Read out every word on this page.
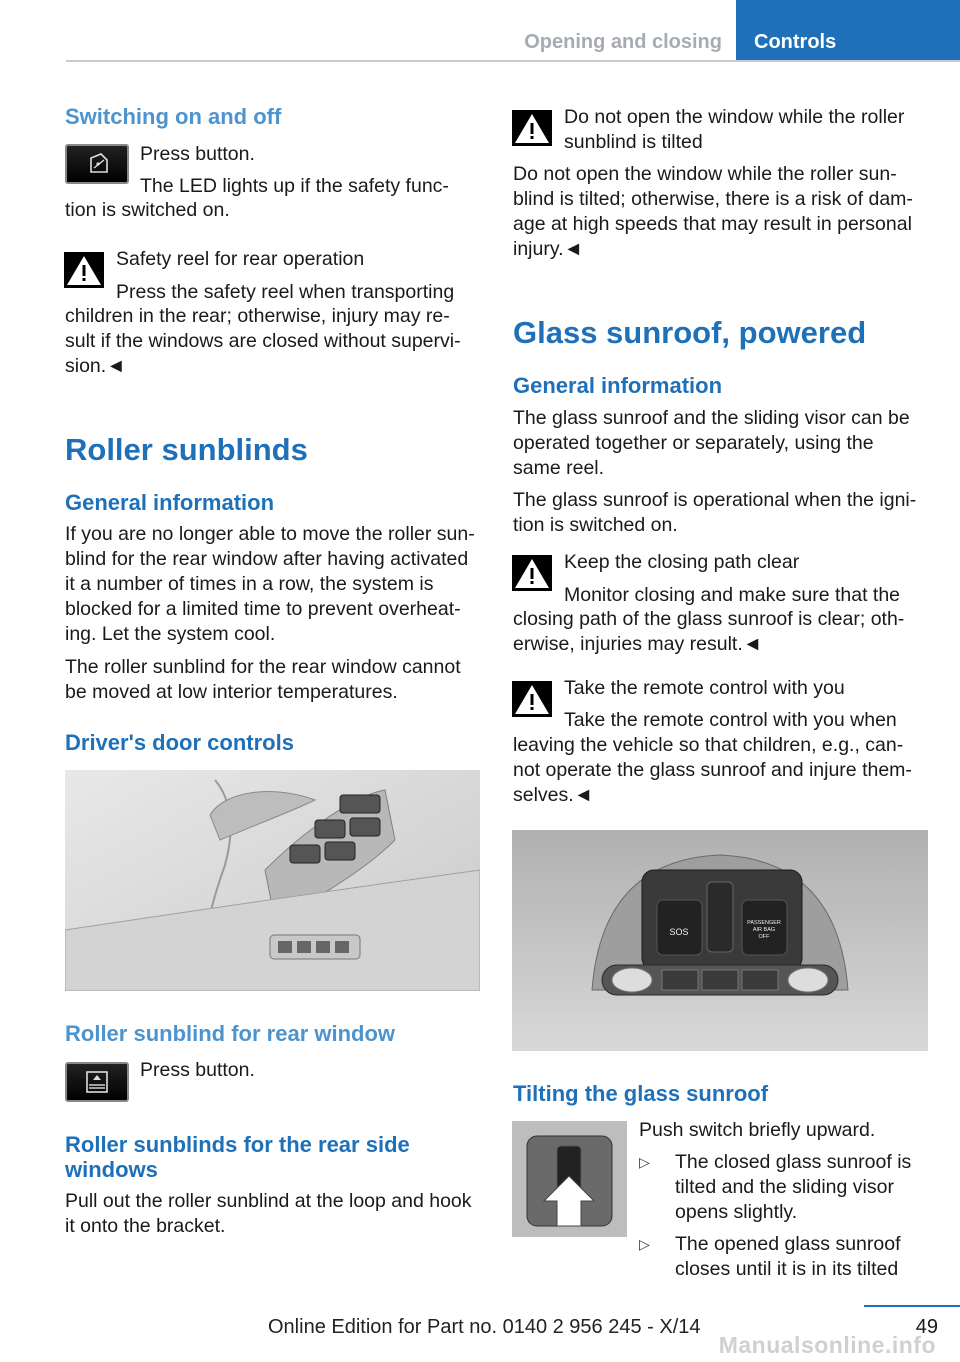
Opening and closing	Controls
Switching on and off
Press button.
The LED lights up if the safety func-
tion is switched on.
Safety reel for rear operation
Press the safety reel when transporting
children in the rear; otherwise, injury may re-
sult if the windows are closed without supervi-
sion.◄
Roller sunblinds
General information
If you are no longer able to move the roller sun-
blind for the rear window after having activated
it a number of times in a row, the system is
blocked for a limited time to prevent overheat-
ing. Let the system cool.
The roller sunblind for the rear window cannot
be moved at low interior temperatures.
Driver's door controls
Roller sunblind for rear window
Press button.
Roller sunblinds for the rear side
windows
Pull out the roller sunblind at the loop and hook
it onto the bracket.
Do not open the window while the roller
sunblind is tilted
Do not open the window while the roller sun-
blind is tilted; otherwise, there is a risk of dam-
age at high speeds that may result in personal
injury.◄
Glass sunroof, powered
General information
The glass sunroof and the sliding visor can be
operated together or separately, using the
same reel.
The glass sunroof is operational when the igni-
tion is switched on.
Keep the closing path clear
Monitor closing and make sure that the
closing path of the glass sunroof is clear; oth-
erwise, injuries may result.◄
Take the remote control with you
Take the remote control with you when
leaving the vehicle so that children, e.g., can-
not operate the glass sunroof and injure them-
selves.◄
SOS
PASSENGER
AIR BAG
OFF
Tilting the glass sunroof
Push switch briefly upward.
▷ The closed glass sunroof is
tilted and the sliding visor
opens slightly.
▷ The opened glass sunroof
closes until it is in its tilted
49
Online Edition for Part no. 0140 2 956 245 - X/14
Manualsonline.info
